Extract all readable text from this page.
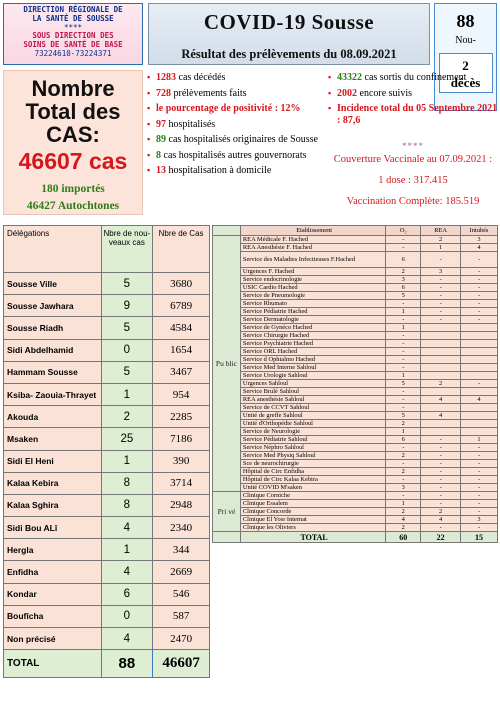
DIRECTION RÉGIONALE DE
LA SANTÉ DE SOUSSE
****
SOUS DIRECTION DES
SOINS DE SANTÉ DE BASE
73224610-73224371
COVID-19 Sousse
Résultat des prélèvements du 08.09.2021
88
Nou-
2
décès
Nombre Total des CAS:
46607 cas
180 importés
46427 Autochtones
▪ 1283 cas décédés
▪ 728 prélèvements faits
▪ le pourcentage de positivité : 12%
▪ 97 hospitalisés
▪ 89 cas hospitalisés originaires de Sousse
▪ 8 cas hospitalisés autres gouvernorats
▪ 13 hospitalisation à domicile
▪ 43322 cas sortis du confinement
▪ 2002 encore suivis
▪ Incidence total du 05 Septembre 2021 : 87,6
****
Couverture Vaccinale au 07.09.2021 :
1 dose : 317.415
Vaccination Complète: 185.519
Délégations	Nbre de nou-veaux cas	Nbre de Cas
Sousse Ville	5	3680
Sousse Jawhara	9	6789
Sousse Riadh	5	4584
Sidi Abdelhamid	0	1654
Hammam Sousse	5	3467
Ksiba- Zaouia-Thrayet	1	954
Akouda	2	2285
Msaken	25	7186
Sidi El Heni	1	390
Kalaa Kebira	8	3714
Kalaa Sghira	8	2948
Sidi Bou ALî	4	2340
Hergla	1	344
Enfidha	4	2669
Kondar	6	546
Boufîcha	0	587
Non précisé	4	2470
TOTAL	88	46607
	Etablissement	O₂	REA	Intubés
Pu blic	REA Médicale F. Hached	-	2	3
	REA Anesthésie F. Hached	-	1	4
	Service des Maladies Infectieuses F.Hached	6	-	-
	Urgences F. Hached	2	3	-
	Service endocrinologie	3	-	-
	USIC Cardio Hached	6	-	-
	Service de Pneumologie	5	-	-
	Service Rhumato	-	-	-
	Service Pédiatrie Hached	1	-	-
	Service Dermatologie	-	-	-
	Service de Gynéco Hached	1		
	Service Chirurgie Hached	-		
	Service Psychiatrie Hached	-		
	Service ORL Hached	-		
	Service d Ophtalmo Hached	-		
	Service Med Interne Sahloul	-		
	Service Urologie Sahloul	1		
	Urgences Sahloul	5	2	-
	Service Brulé Sahloul	-		
	REA anesthésie Sahloul	-	4	4
	Service de CCVT Sahloul	-		
	Unité de greffe Sahloul	5	4	
	Unité d'Orthopédie Sahloul	2		
	Service de Neurologie	1		
	Service Pédiatrie Sahloul	6	-	1
	Service Néphro Sahloul	-	-	-
	Service Med Physiq Sahloul	2	-	-
	Sce de neurochirurgie	-	-	-
	Hôpital de Circ Enfidha	2	-	-
	Hôpital de Circ Kalaa Kebira	-	-	-
	Unité COVID M'saken	3	-	-
Pri vé	Clinique Corniche	-	-	-
	Clinique Essalem	1	-	-
	Clinique Concorde	2	2	-
	Clinique El Yosr Internat	4	4	3
	Clinique les Oliviers	2	-	-
	TOTAL	60	22	15
